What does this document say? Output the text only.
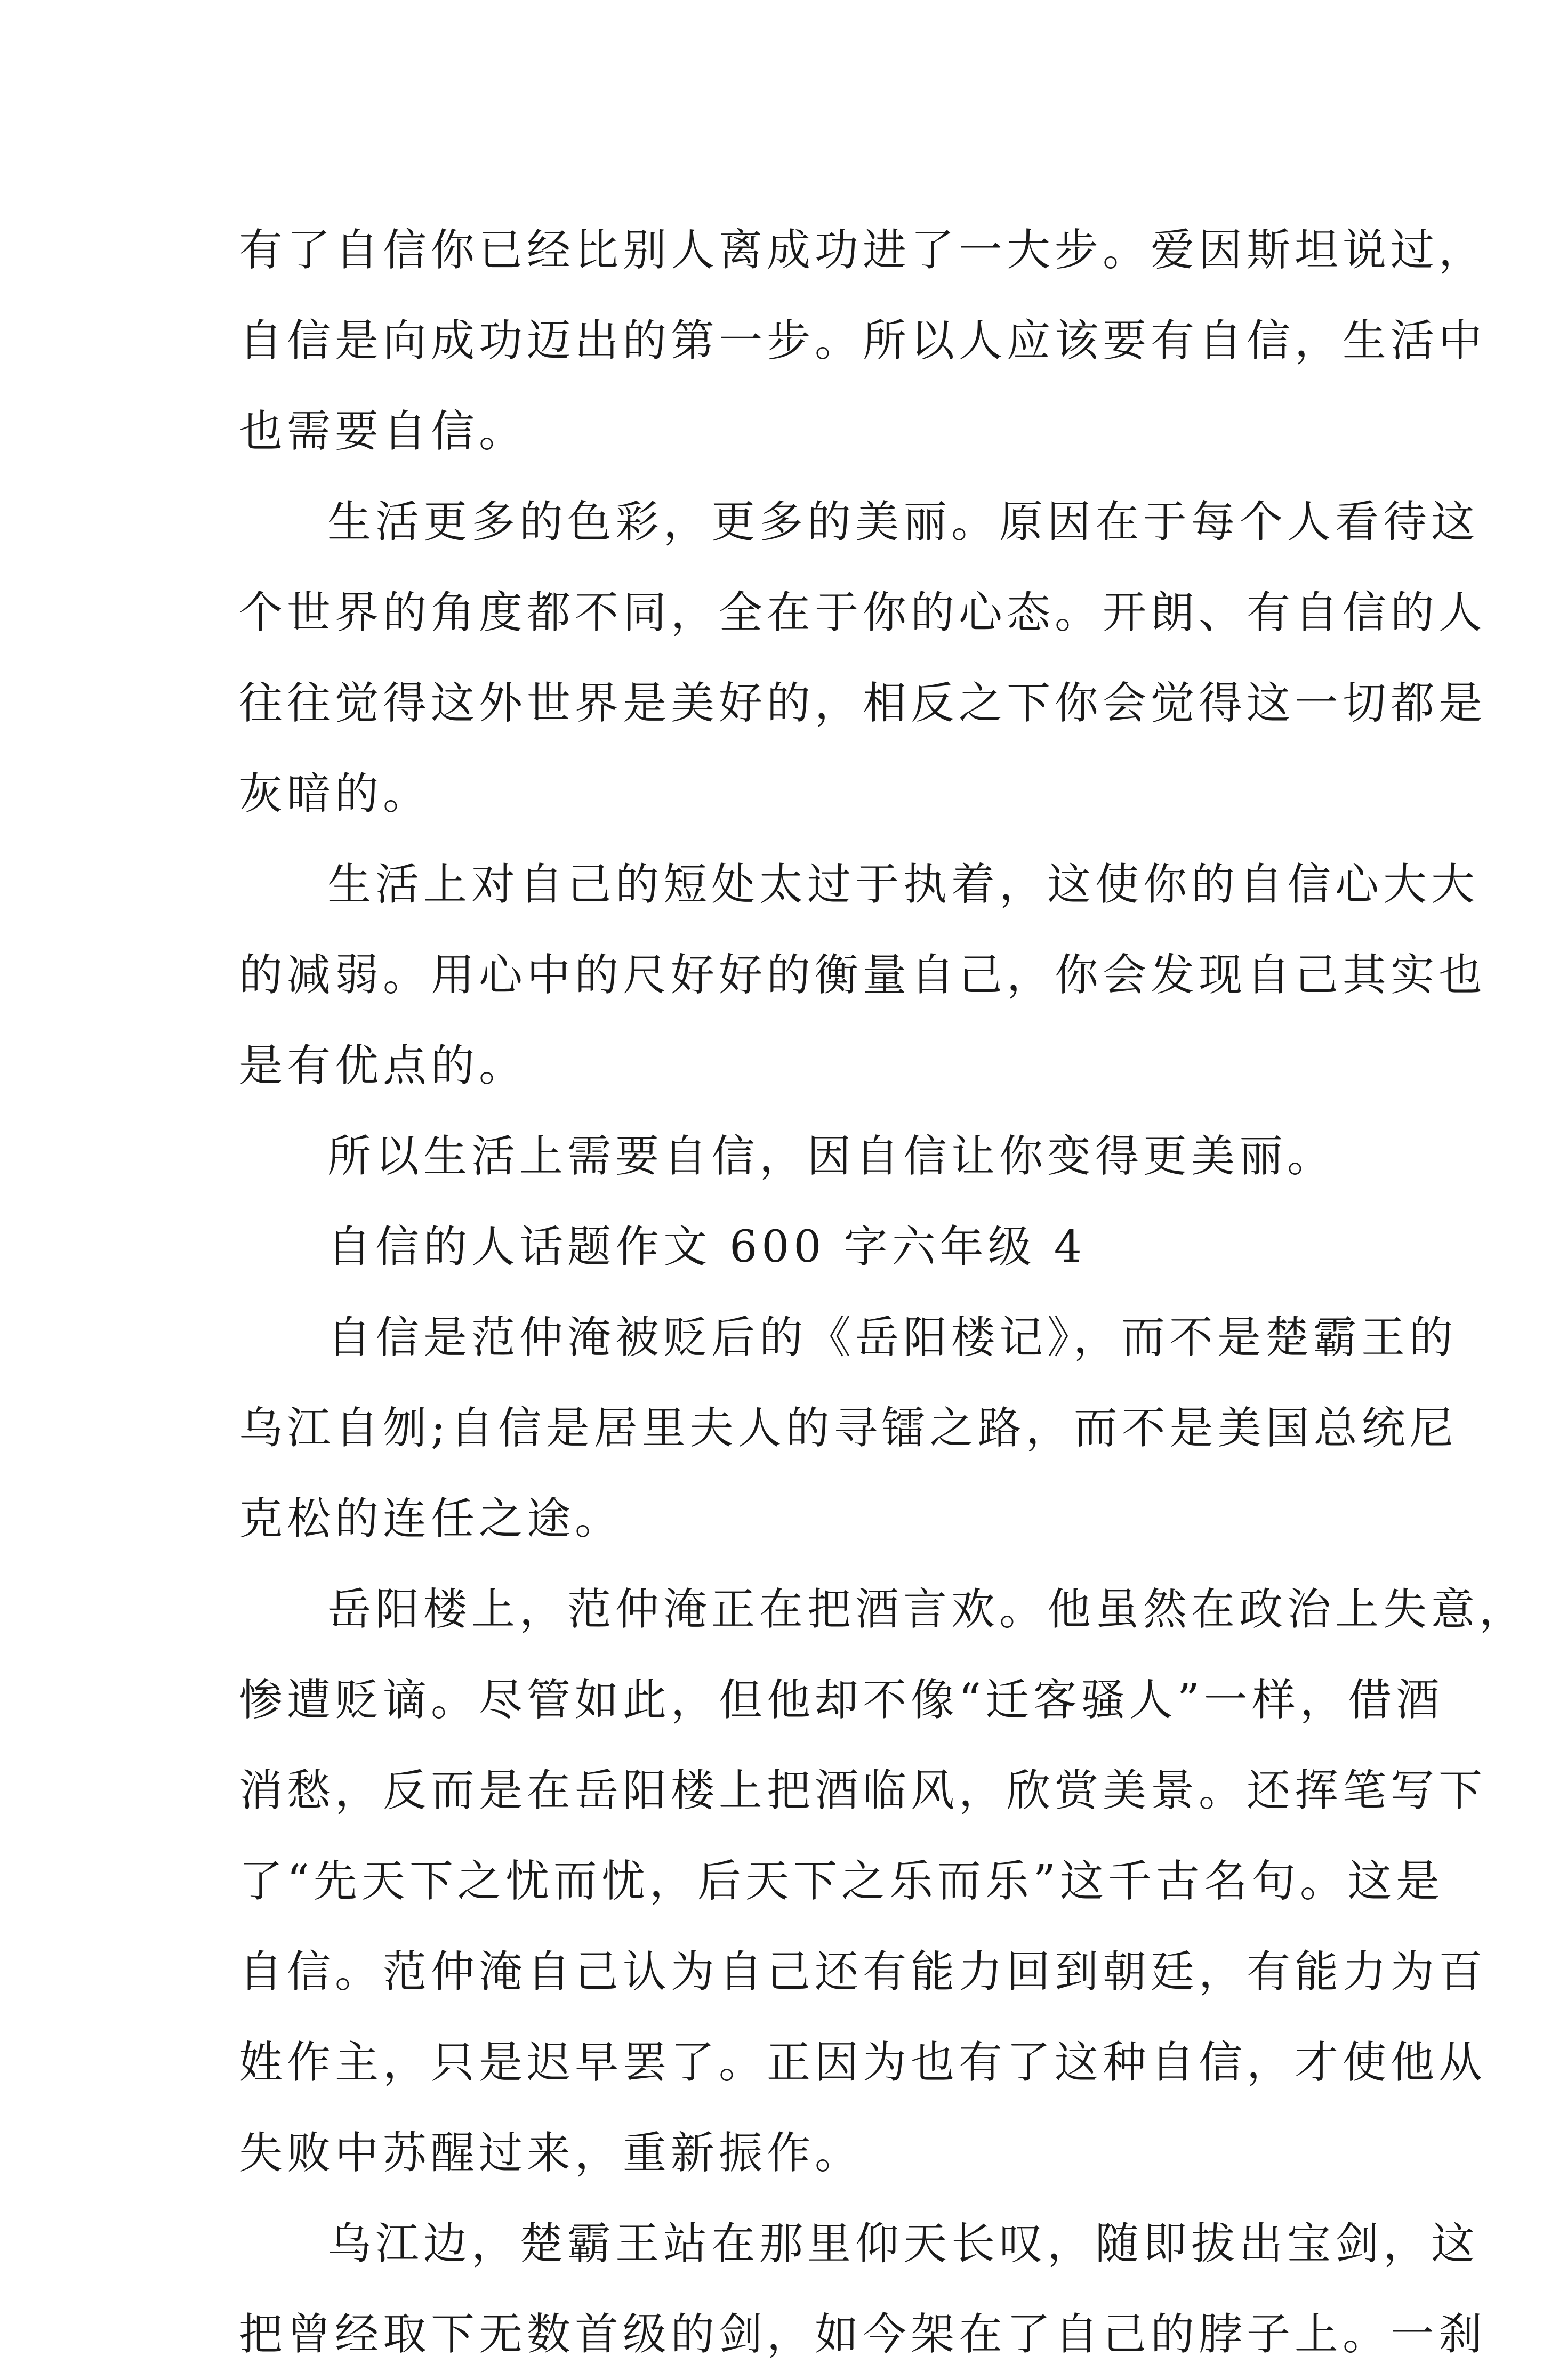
有了自信你已经比别人离成功进了一大步。爱因斯坦说过，
自信是向成功迈出的第一步。所以人应该要有自信，生活中
也需要自信。

生活更多的色彩，更多的美丽。原因在于每个人看待这
个世界的角度都不同，全在于你的心态。开朗、有自信的人
往往觉得这外世界是美好的，相反之下你会觉得这一切都是
灰暗的。

生活上对自己的短处太过于执着，这使你的自信心大大
的减弱。用心中的尺好好的衡量自己，你会发现自己其实也
是有优点的。

所以生活上需要自信，因自信让你变得更美丽。

自信的人话题作文 600 字六年级 4

自信是范仲淹被贬后的《岳阳楼记》，而不是楚霸王的
乌江自刎;自信是居里夫人的寻镭之路，而不是美国总统尼
克松的连任之途。

岳阳楼上，范仲淹正在把酒言欢。他虽然在政治上失意，
惨遭贬谪。尽管如此，但他却不像“迁客骚人”一样，借酒
消愁，反而是在岳阳楼上把酒临风，欣赏美景。还挥笔写下
了“先天下之忧而忧，后天下之乐而乐”这千古名句。这是
自信。范仲淹自己认为自己还有能力回到朝廷，有能力为百
姓作主，只是迟早罢了。正因为也有了这种自信，才使他从
失败中苏醒过来，重新振作。

乌江边，楚霸王站在那里仰天长叹，随即拔出宝剑，这
把曾经取下无数首级的剑，如今架在了自己的脖子上。一刹
